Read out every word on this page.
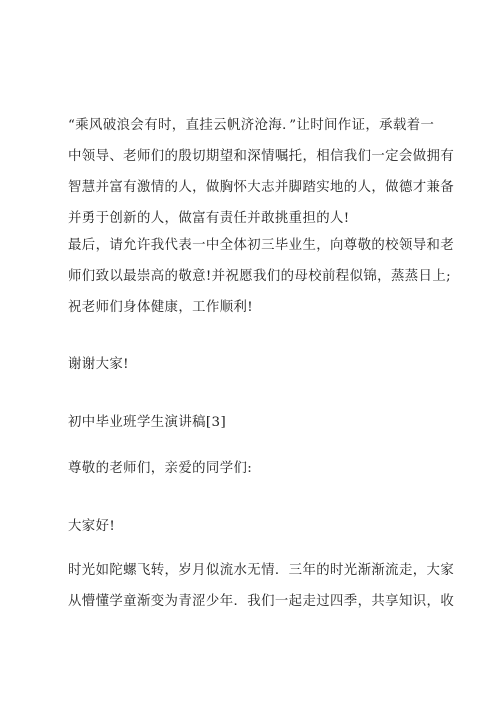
“乘风破浪会有时，直挂云帆济沧海．”让时间作证，承载着一
中领导、老师们的殷切期望和深情嘱托，相信我们一定会做拥有
智慧并富有激情的人，做胸怀大志并脚踏实地的人，做德才兼备
并勇于创新的人，做富有责任并敢挑重担的人!

最后，请允许我代表一中全体初三毕业生，向尊敬的校领导和老
师们致以最崇高的敬意!并祝愿我们的母校前程似锦，蒸蒸日上;
祝老师们身体健康，工作顺利!

谢谢大家!

初中毕业班学生演讲稿[3]

尊敬的老师们，亲爱的同学们:

大家好!

时光如陀螺飞转，岁月似流水无情．三年的时光渐渐流走，大家
从懵懂学童渐变为青涩少年．我们一起走过四季，共享知识，收
